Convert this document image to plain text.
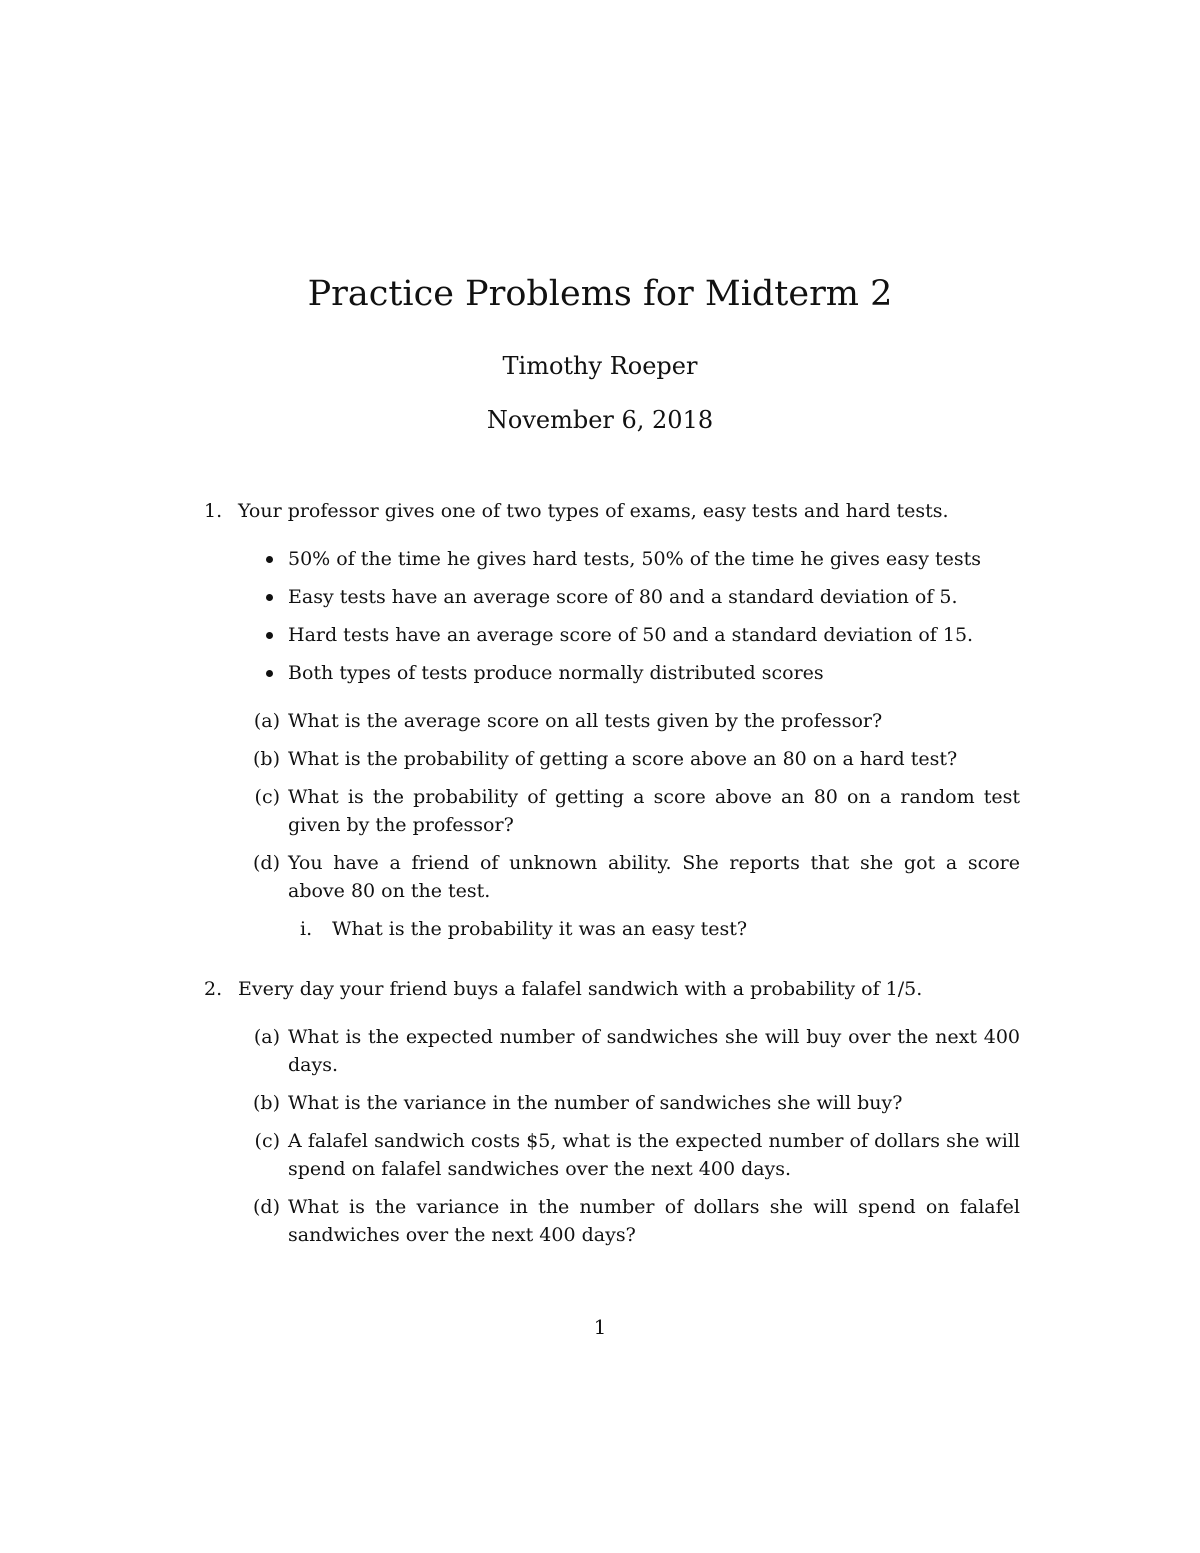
Practice Problems for Midterm 2
Timothy Roeper
November 6, 2018
1. Your professor gives one of two types of exams, easy tests and hard tests.
50% of the time he gives hard tests, 50% of the time he gives easy tests
Easy tests have an average score of 80 and a standard deviation of 5.
Hard tests have an average score of 50 and a standard deviation of 15.
Both types of tests produce normally distributed scores
(a) What is the average score on all tests given by the professor?
(b) What is the probability of getting a score above an 80 on a hard test?
(c) What is the probability of getting a score above an 80 on a random test given by the professor?
(d) You have a friend of unknown ability. She reports that she got a score above 80 on the test.
i. What is the probability it was an easy test?
2. Every day your friend buys a falafel sandwich with a probability of 1/5.
(a) What is the expected number of sandwiches she will buy over the next 400 days.
(b) What is the variance in the number of sandwiches she will buy?
(c) A falafel sandwich costs $5, what is the expected number of dollars she will spend on falafel sandwiches over the next 400 days.
(d) What is the variance in the number of dollars she will spend on falafel sandwiches over the next 400 days?
1
